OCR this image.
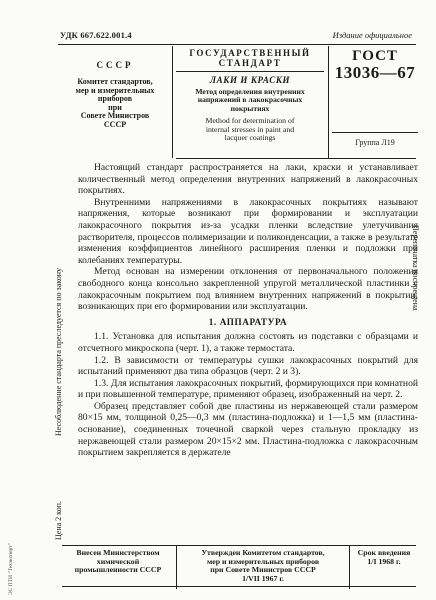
УДК 667.622.001.4	Издание официальное
СССР
Комитет стандартов,
мер и измерительных
приборов
при
Совете Министров
СССР
ГОСУДАРСТВЕННЫЙ
СТАНДАРТ
ЛАКИ И КРАСКИ
Метод определения внутренних
напряжений в лакокрасочных
покрытиях
Method for determination of
internal stresses in paint and
lacquer coatings
ГОСТ
13036—67
Группа Л19

Настоящий стандарт распространяется на лаки, краски и устанавливает количественный метод определения внутренних напряжений в лакокрасочных покрытиях.

Внутренними напряжениями в лакокрасочных покрытиях называют напряжения, которые возникают при формировании и эксплуатации лакокрасочного покрытия из-за усадки пленки вследствие улетучивания растворителя, процессов полимеризации и поликонденсации, а также в результате изменения коэффициентов линейного расширения пленки и подложки при колебаниях температуры.

Метод основан на измерении отклонения от первоначального положения свободного конца консольно закрепленной упругой металлической пластинки с лакокрасочным покрытием под влиянием внутренних напряжений в покрытии, возникающих при его формировании или эксплуатации.

1. АППАРАТУРА

1.1. Установка для испытания должна состоять из подставки с образцами и отсчетного микроскопа (черт. 1), а также термостата.

1.2. В зависимости от температуры сушки лакокрасочных покрытий для испытаний применяют два типа образцов (черт. 2 и 3).

1.3. Для испытания лакокрасочных покрытий, формирующихся при комнатной и при повышенной температуре, применяют образец, изображенный на черт. 2.

Образец представляет собой две пластины из нержавеющей стали размером 80×15 мм, толщиной 0,25—0,3 мм (пластина-подложка) и 1—1,5 мм (пластина-основание), соединенных точечной сваркой через стальную прокладку из нержавеющей стали размером 20×15×2 мм. Пластина-подложка с лакокрасочным покрытием закрепляется в держателе

Несоблюдение стандарта преследуется по закону
Цена 2 коп.
Перепечатка воспрещена
ЭС ПТИ "Техэксперт"	Внесен Министерством
химической
промышленности СССР
Утвержден Комитетом стандартов,
мер и измерительных приборов
при Совете Министров СССР
1/VII 1967 г.
Срок введения
1/I 1968 г.
